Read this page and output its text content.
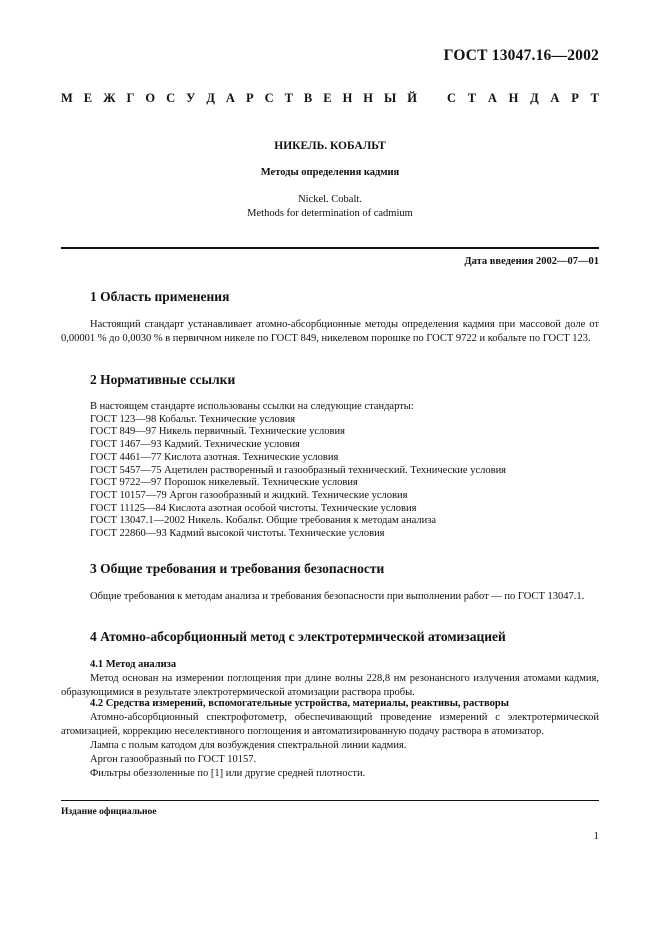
ГОСТ 13047.16—2002
М Е Ж Г О С У Д А Р С Т В Е Н Н Ы Й С Т А Н Д А Р Т
НИКЕЛЬ. КОБАЛЬТ
Методы определения кадмия
Nickel. Cobalt.
Methods for determination of cadmium
Дата введения 2002—07—01
1 Область применения

Настоящий стандарт устанавливает атомно-абсорбционные методы определения кадмия при массовой доле от 0,00001 % до 0,0030 % в первичном никеле по ГОСТ 849, никелевом порошке по ГОСТ 9722 и кобальте по ГОСТ 123.

2 Нормативные ссылки
В настоящем стандарте использованы ссылки на следующие стандарты:
ГОСТ 123—98 Кобальт. Технические условия
ГОСТ 849—97 Никель первичный. Технические условия
ГОСТ 1467—93 Кадмий. Технические условия
ГОСТ 4461—77 Кислота азотная. Технические условия
ГОСТ 5457—75 Ацетилен растворенный и газообразный технический. Технические условия
ГОСТ 9722—97 Порошок никелевый. Технические условия
ГОСТ 10157—79 Аргон газообразный и жидкий. Технические условия
ГОСТ 11125—84 Кислота азотная особой чистоты. Технические условия
ГОСТ 13047.1—2002 Никель. Кобальт. Общие требования к методам анализа
ГОСТ 22860—93 Кадмий высокой чистоты. Технические условия
3 Общие требования и требования безопасности

Общие требования к методам анализа и требования безопасности при выполнении работ — по ГОСТ 13047.1.

4 Атомно-абсорбционный метод с электротермической атомизацией
4.1 Метод анализа

Метод основан на измерении поглощения при длине волны 228,8 нм резонансного излучения атомами кадмия, образующимися в результате электротермической атомизации раствора пробы.

4.2 Средства измерений, вспомогательные устройства, материалы, реактивы, растворы

Атомно-абсорбционный спектрофотометр, обеспечивающий проведение измерений с электротермической атомизацией, коррекцию неселективного поглощения и автоматизированную подачу раствора в атомизатор.

Лампа с полым катодом для возбуждения спектральной линии кадмия.

Аргон газообразный по ГОСТ 10157.

Фильтры обеззоленные по [1] или другие средней плотности.

Издание официальное
1
